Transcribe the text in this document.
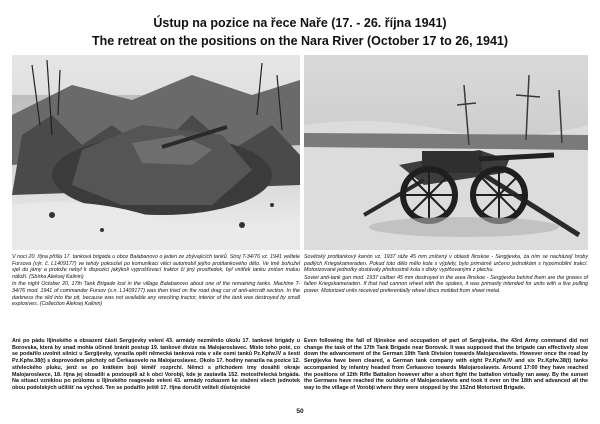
Ústup na pozice na řece Naře (17. - 26. října 1941)
The retreat on the positions on the Nara River (October 17 to 26, 1941)

V noci 20. října přišla 17. tanková brigáda u obce Balabanovo o jeden ze zbývajících tanků. Stroj T-34/76 vz. 1941 velitele Fursova (výr. č. L1409177) ve tehdy pokoušel po komunikaci vléci automobil jejího protitankového dělo. Ve tmě bohužel sjel do jámy a protože nebyl k dispozici jakýkoli vyprošťovací traktor či jiný prostředek, byl vnitřek tanku zničen malou náloží. (Sbírka Aleksej Kalinin)

In the night October 20, 17th Tank Brigade lost in the village Balabanovo about one of the remaining tanks. Machine T-34/76 mod. 1941 of commander Fursov (s.n. L1409177) was then tried on the road drag car of anti-aircraft section. In the darkness the slid into the pit, because was not available any wrecking tractor, interior of the tank was destroyed by small explosives. (Collection Aleksej Kalinin)

Sovětský protitankový kanón vz. 1937 ráže 45 mm zničený v oblasti Ilinskoe - Sergijevka, za ním se nacházejí hroby padlých Kriegskameraden. Pokud toto dělo mělo kola s výplety, bylo primárně určeno jednotkám s hypomobilní trakcí. Motorizované jednotky dostávaly přednostně kola s disky vyplňovanými z plechu.

Soviet anti-tank gun mod. 1937 caliber 45 mm destroyed in the area Ilinskoe - Sergijevka behind them are the graves of fallen Kriegskameraden. If that had cannon wheel with the spokes, it was primarily intended for units with a live pulling power. Motorized units received preferentially wheel discs molded from sheet metal.

Ani po pádu Iljinského a obsazení části Sergijevky velení 43. armády nezměnilo úkolu 17. tankové brigády u Borovska, která by snad mohla účinně bránit postup 19. tankové divize na Malojaroslavec. Místo toho poté, co se podařilo uvolnit silnici u Sergijevky, vyrazila opět německá tanková rota v síle osmi tanků Pz.Kpfw.IV a šesti Pz.Kpfw.38(t) s doprovodem pěchoty od Čerkasovelo na Malojaroslavec. Okolo 17. hodiny narazila na pozice 12. střeleckého pluku, jenž se po krátkém boji téměř rozprchl. Němci s příchodem tmy dosáhli okraje Malojaroslavce, 18. října jej obsadili a postoupili až k obci Vorobji, kde je zastavila 152. motostřelecká brigáda. Na situaci vzniklou po průlomu u Iljinského reagovalo velení 43. armády rozkazem ke stažení všech jednotek obou podolských učilišť na východ. Ten se podařilo ještě 17. října doručit velitelí důstojnické
Even following the fall of Iljinskoe and occupation of part of Sergijevka, the 43rd Army command did not change the task of the 17th Tank Brigade near Borovsk. It was supposed that the brigade can effectively slow down the advancement of the German 19th Tank Division towards Malojaroslavets. However once the road by Sergijevka have been cleared, a German tank company with eight Pz.Kpfw.IV and six Pz.Kpfw.38(t) tanks accompanied by infantry headed from Čerkasovo towards Malojaroslavets. Around 17:00 they have reached the positions of 12th Rifle Battalion however after a short fight the battalion virtually ran away. By the sunset the Germans have reached the outskirts of Malojaroslavets and took it over on the 18th and advanced all the way to the village of Vorobji where they were stopped by the 152nd Motorized Brigade.
50
